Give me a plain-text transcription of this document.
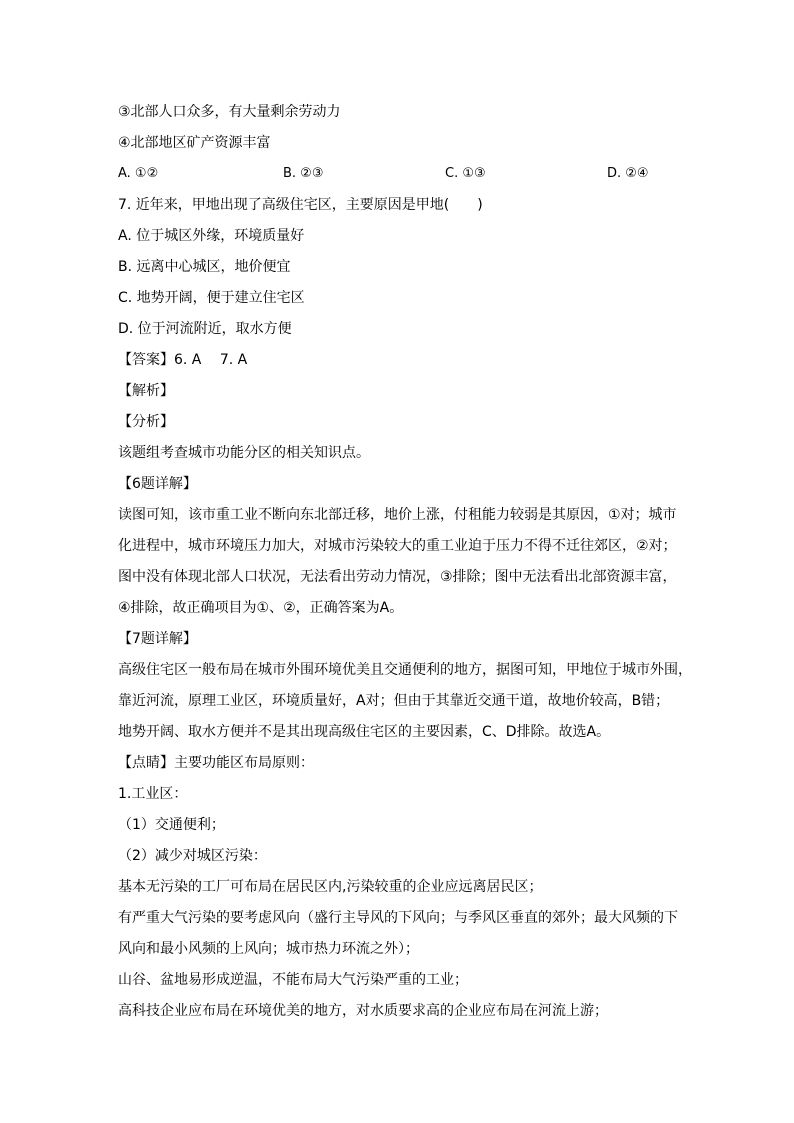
③北部人口众多，有大量剩余劳动力
④北部地区矿产资源丰富
A. ①②	B. ②③	C. ①③	D. ②④
7. 近年来，甲地出现了高级住宅区，主要原因是甲地(　　)
A. 位于城区外缘，环境质量好
B. 远离中心城区，地价便宜
C. 地势开阔，便于建立住宅区
D. 位于河流附近，取水方便
【答案】6. A　 7. A
【解析】
【分析】
该题组考查城市功能分区的相关知识点。
【6题详解】
读图可知，该市重工业不断向东北部迁移，地价上涨，付租能力较弱是其原因，①对；城市
化进程中，城市环境压力加大，对城市污染较大的重工业迫于压力不得不迁往郊区，②对；
图中没有体现北部人口状况，无法看出劳动力情况，③排除；图中无法看出北部资源丰富，
④排除，故正确项目为①、②，正确答案为A。
【7题详解】
高级住宅区一般布局在城市外围环境优美且交通便利的地方，据图可知，甲地位于城市外围，
靠近河流，原理工业区，环境质量好，A对；但由于其靠近交通干道，故地价较高，B错；
地势开阔、取水方便并不是其出现高级住宅区的主要因素，C、D排除。故选A。
【点睛】主要功能区布局原则：
1.工业区：
（1）交通便利；
（2）减少对城区污染：
基本无污染的工厂可布局在居民区内,污染较重的企业应远离居民区；
有严重大气污染的要考虑风向（盛行主导风的下风向；与季风区垂直的郊外；最大风频的下
风向和最小风频的上风向；城市热力环流之外）；
山谷、盆地易形成逆温，不能布局大气污染严重的工业；
高科技企业应布局在环境优美的地方，对水质要求高的企业应布局在河流上游；
